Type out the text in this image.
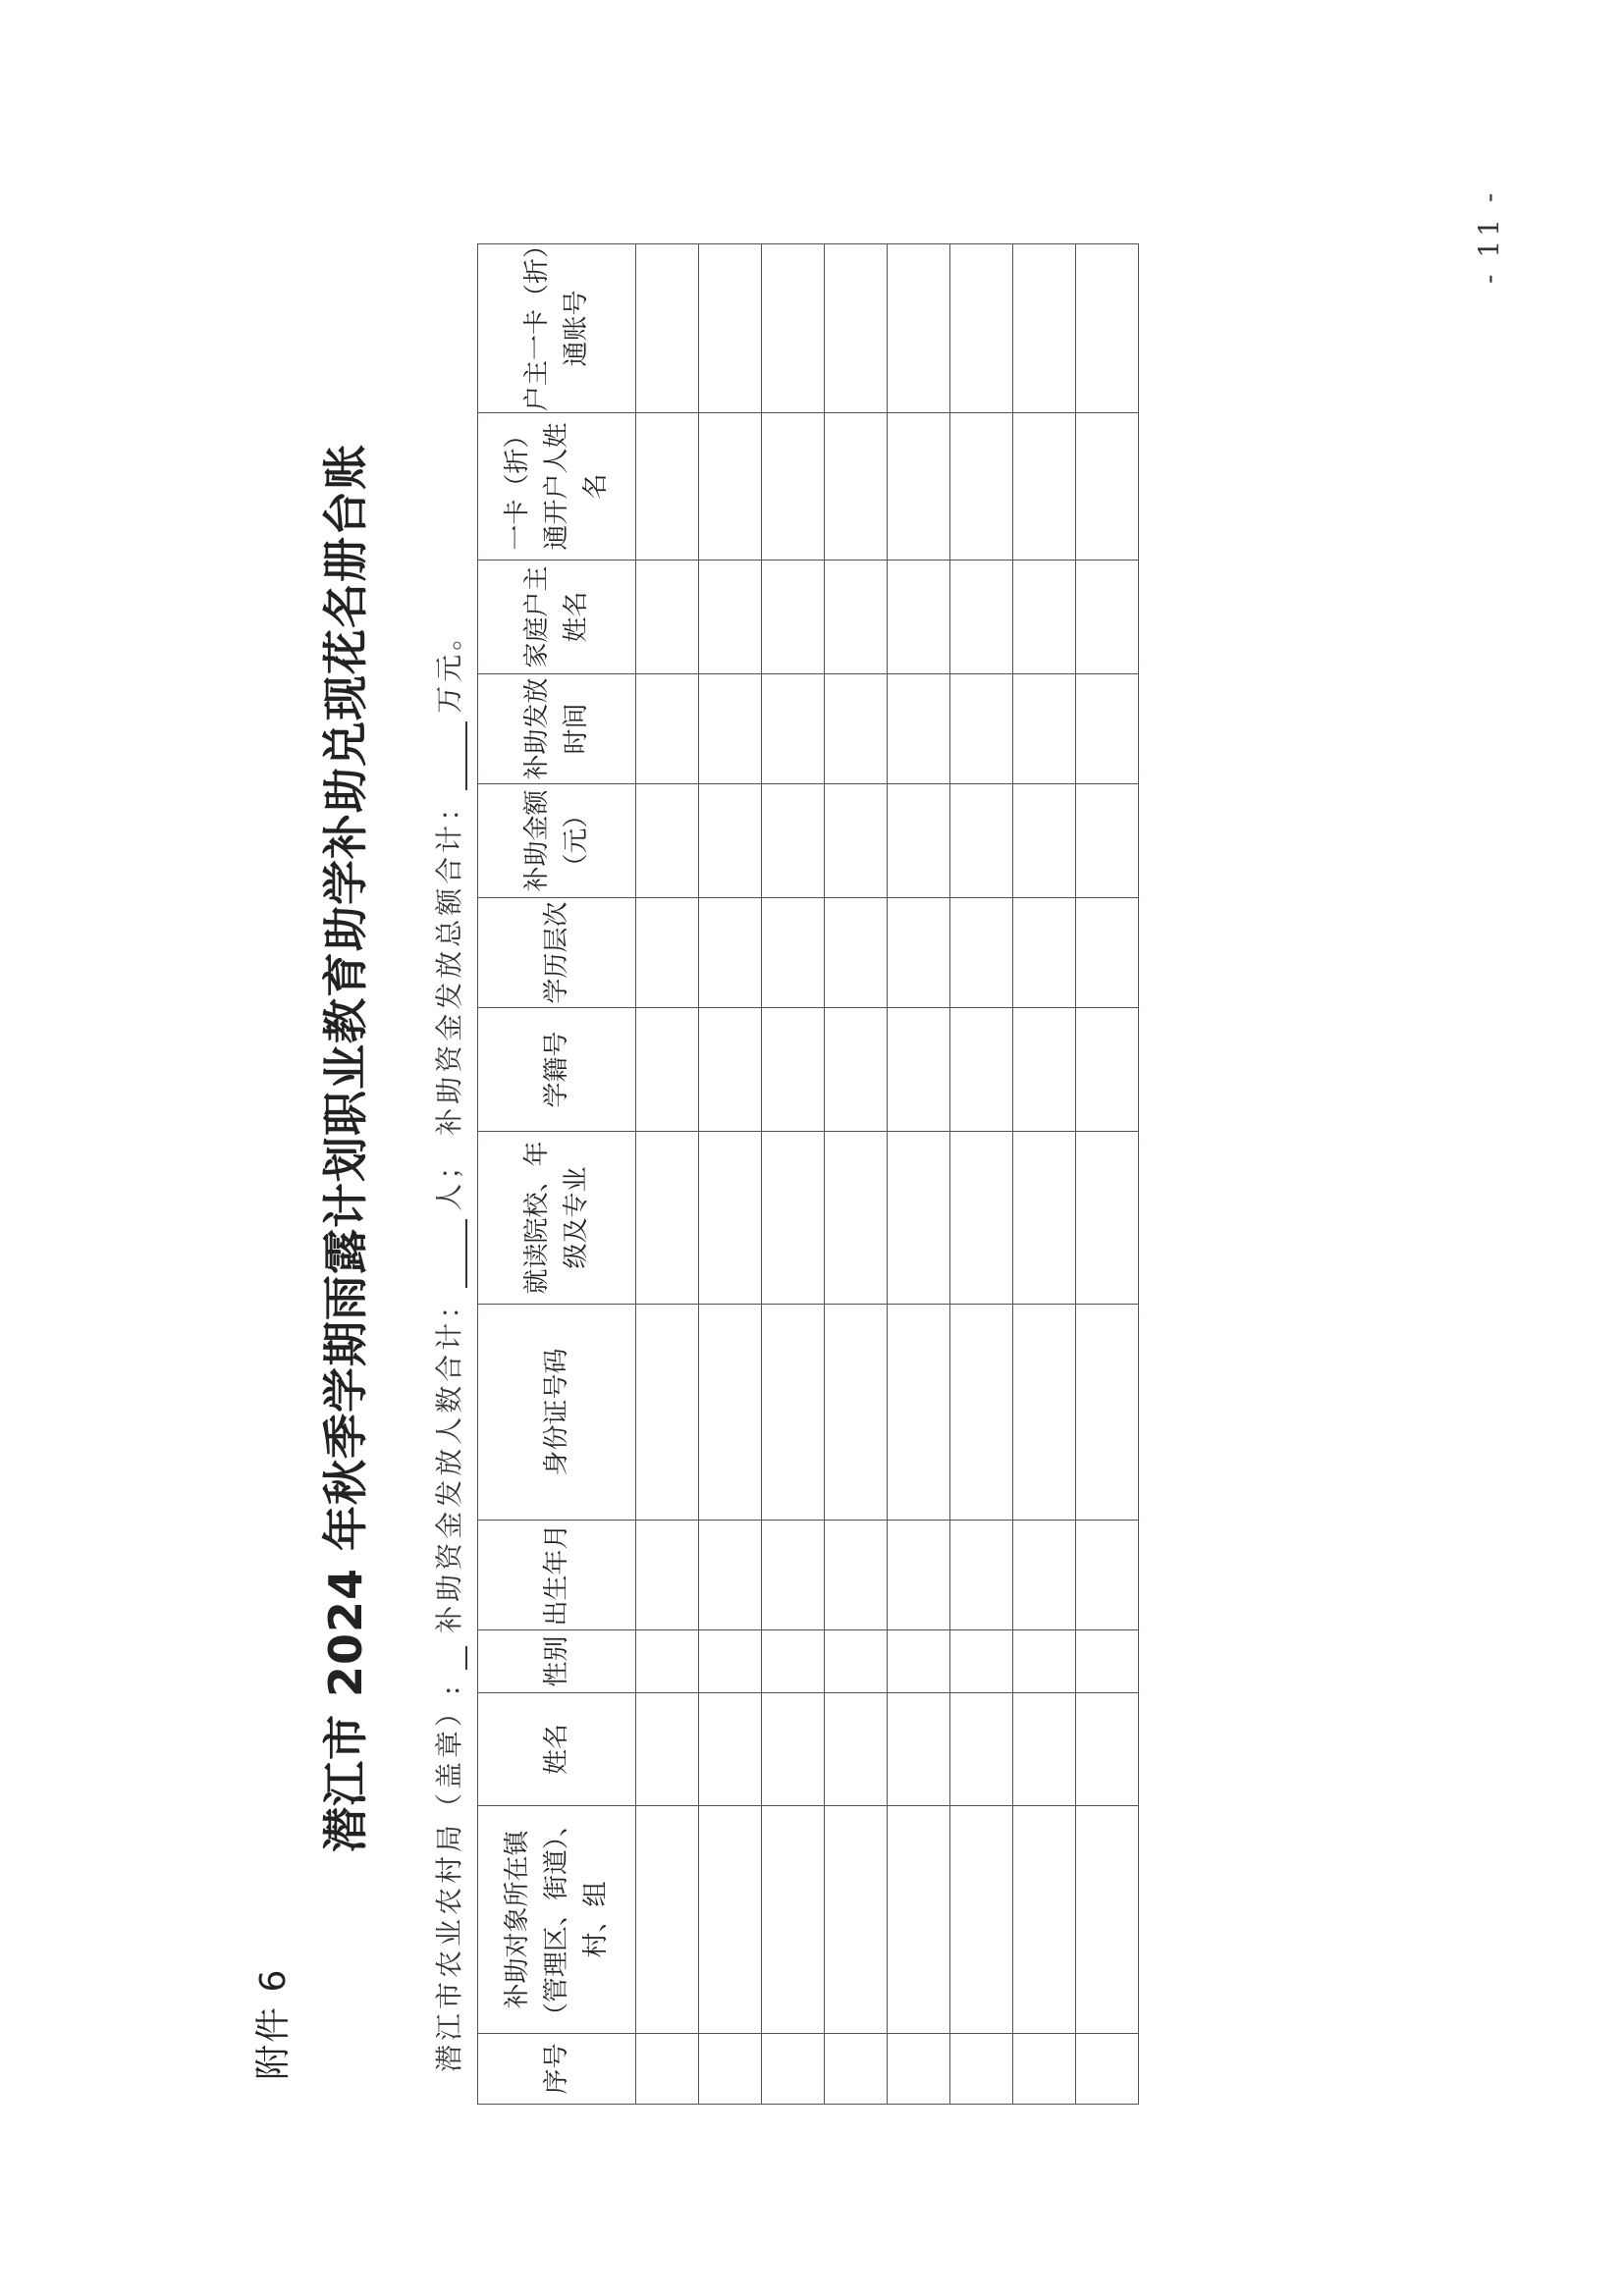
附件 6
潜江市 2024 年秋季学期雨露计划职业教育助学补助兑现花名册台账
潜江市农业农村局（盖章）:  补助资金发放人数合计：人； 补助资金发放总额合计：万元。
序号	补助对象所在镇（管理区、街道）、村、组	姓名	性别	出生年月	身份证号码	就读院校、年级及专业	学籍号	学历层次	补助金额（元）	补助发放时间	家庭户主姓名	一卡（折）通开户人姓名	户主一卡（折）通账号

- 11 -
